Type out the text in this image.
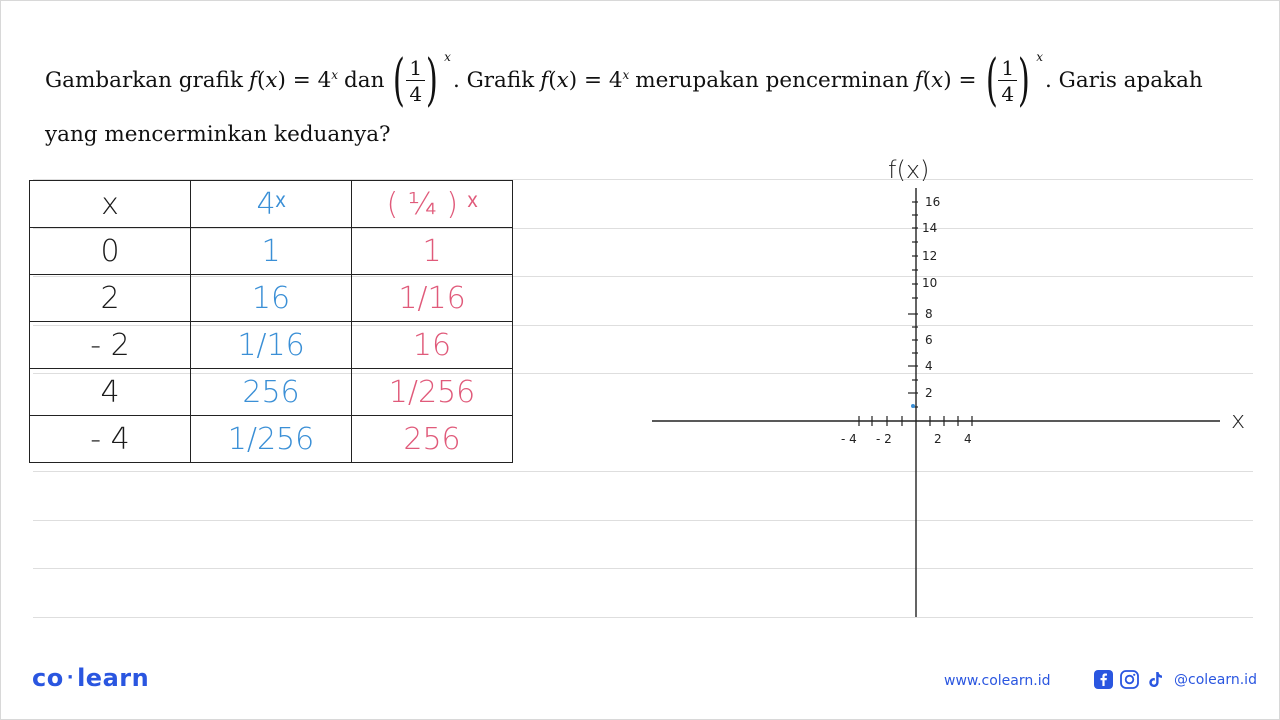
Gambarkan grafik f ( x ) = $4^x$ dan ( $\frac{1}{4}$ ) $^x$
. Grafik f ( x ) = $4^x$ merupakan pencerminan f ( x ) = ( $\frac{1}{4}$ ) $^x$
. Garis apakah
yang mencerminkan keduanya?
x	4ˣ	( ¼ ) ˣ
0	1	1
2	16	1/16
- 2	1/16	16
4	256	1/256
- 4	1/256	256
f(x)
x
16
14
12
10
8
6
4
2
- 4 - 2	2 4
co · learn	www.colearn.id	@colearn.id
